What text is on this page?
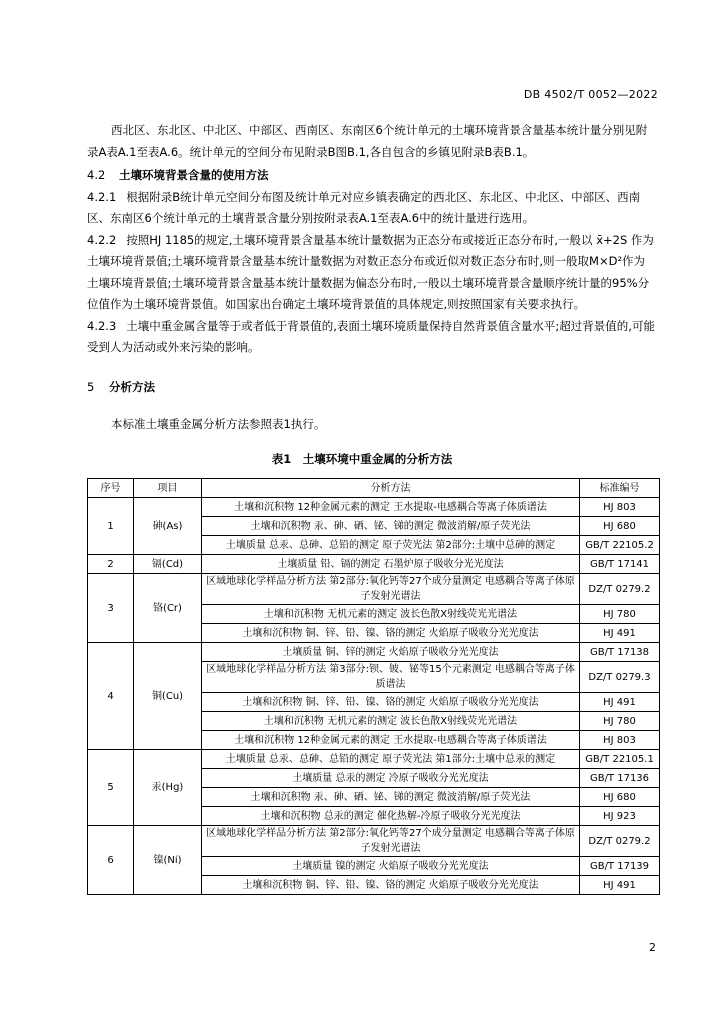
DB 4502/T 0052—2022

西北区、东北区、中北区、中部区、西南区、东南区6个统计单元的土壤环境背景含量基本统计量分别见附录A表A.1至表A.6。统计单元的空间分布见附录B图B.1,各自包含的乡镇见附录B表B.1。

4.2 土壤环境背景含量的使用方法

4.2.1 根据附录B统计单元空间分布图及统计单元对应乡镇表确定的西北区、东北区、中北区、中部区、西南区、东南区6个统计单元的土壤背景含量分别按附录表A.1至表A.6中的统计量进行选用。

4.2.2 按照HJ 1185的规定,土壤环境背景含量基本统计量数据为正态分布或接近正态分布时,一般以 x̄+2S 作为土壤环境背景值;土壤环境背景含量基本统计量数据为对数正态分布或近似对数正态分布时,则一般取M×D²作为土壤环境背景值;土壤环境背景含量基本统计量数据为偏态分布时,一般以土壤环境背景含量顺序统计量的95%分位值作为土壤环境背景值。如国家出台确定土壤环境背景值的具体规定,则按照国家有关要求执行。

4.2.3 土壤中重金属含量等于或者低于背景值的,表面土壤环境质量保持自然背景值含量水平;超过背景值的,可能受到人为活动或外来污染的影响。

5 分析方法

本标准土壤重金属分析方法参照表1执行。

表1　土壤环境中重金属的分析方法
序号	项目	分析方法	标准编号
1	砷(As)	土壤和沉积物 12种金属元素的测定 王水提取-电感耦合等离子体质谱法	HJ 803
		土壤和沉积物 汞、砷、硒、铋、锑的测定 微波消解/原子荧光法	HJ 680
		土壤质量 总汞、总砷、总铅的测定 原子荧光法 第2部分:土壤中总砷的测定	GB/T 22105.2
2	镉(Cd)	土壤质量 铅、镉的测定 石墨炉原子吸收分光光度法	GB/T 17141
3	铬(Cr)	区域地球化学样品分析方法 第2部分:氧化钙等27个成分量测定 电感耦合等离子体原子发射光谱法	DZ/T 0279.2
		土壤和沉积物 无机元素的测定 波长色散X射线荧光光谱法	HJ 780
		土壤和沉积物 铜、锌、铅、镍、铬的测定 火焰原子吸收分光光度法	HJ 491
4	铜(Cu)	土壤质量 铜、锌的测定 火焰原子吸收分光光度法	GB/T 17138
		区域地球化学样品分析方法 第3部分:钡、铍、铋等15个元素测定 电感耦合等离子体质谱法	DZ/T 0279.3
		土壤和沉积物 铜、锌、铅、镍、铬的测定 火焰原子吸收分光光度法	HJ 491
		土壤和沉积物 无机元素的测定 波长色散X射线荧光光谱法	HJ 780
		土壤和沉积物 12种金属元素的测定 王水提取-电感耦合等离子体质谱法	HJ 803
5	汞(Hg)	土壤质量 总汞、总砷、总铅的测定 原子荧光法 第1部分:土壤中总汞的测定	GB/T 22105.1
		土壤质量 总汞的测定 冷原子吸收分光光度法	GB/T 17136
		土壤和沉积物 汞、砷、硒、铋、锑的测定 微波消解/原子荧光法	HJ 680
		土壤和沉积物 总汞的测定 催化热解-冷原子吸收分光光度法	HJ 923
6	镍(Ni)	区域地球化学样品分析方法 第2部分:氧化钙等27个成分量测定 电感耦合等离子体原子发射光谱法	DZ/T 0279.2
		土壤质量 镍的测定 火焰原子吸收分光光度法	GB/T 17139
		土壤和沉积物 铜、锌、铅、镍、铬的测定 火焰原子吸收分光光度法	HJ 491
2
